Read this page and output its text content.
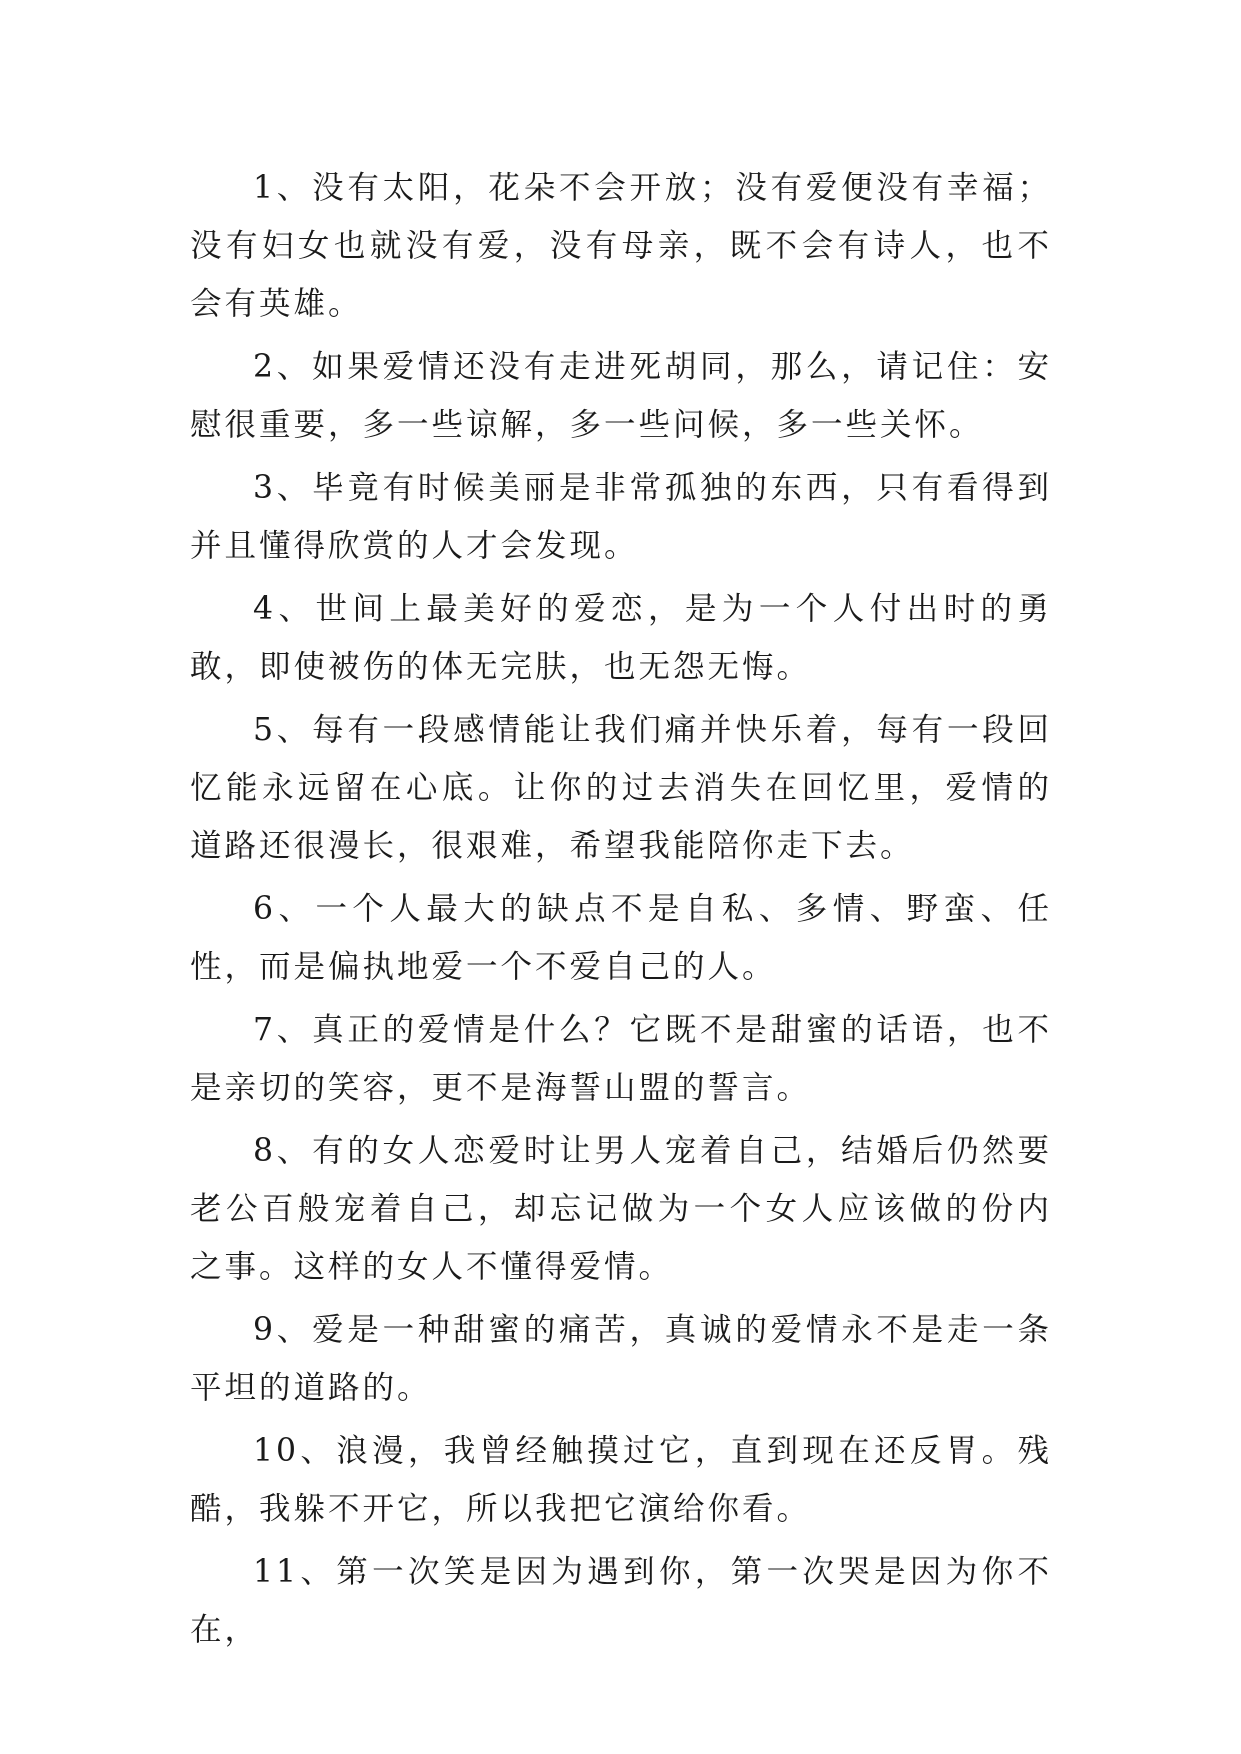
1、没有太阳，花朵不会开放；没有爱便没有幸福；没有妇女也就没有爱，没有母亲，既不会有诗人，也不会有英雄。

2、如果爱情还没有走进死胡同，那么，请记住：安慰很重要，多一些谅解，多一些问候，多一些关怀。

3、毕竟有时候美丽是非常孤独的东西，只有看得到并且懂得欣赏的人才会发现。

4、世间上最美好的爱恋，是为一个人付出时的勇敢，即使被伤的体无完肤，也无怨无悔。

5、每有一段感情能让我们痛并快乐着，每有一段回忆能永远留在心底。让你的过去消失在回忆里，爱情的道路还很漫长，很艰难，希望我能陪你走下去。

6、一个人最大的缺点不是自私、多情、野蛮、任性，而是偏执地爱一个不爱自己的人。

7、真正的爱情是什么？它既不是甜蜜的话语，也不是亲切的笑容，更不是海誓山盟的誓言。

8、有的女人恋爱时让男人宠着自己，结婚后仍然要老公百般宠着自己，却忘记做为一个女人应该做的份内之事。这样的女人不懂得爱情。

9、爱是一种甜蜜的痛苦，真诚的爱情永不是走一条平坦的道路的。

10、浪漫，我曾经触摸过它，直到现在还反胃。残酷，我躲不开它，所以我把它演给你看。

11、第一次笑是因为遇到你，第一次哭是因为你不在，
